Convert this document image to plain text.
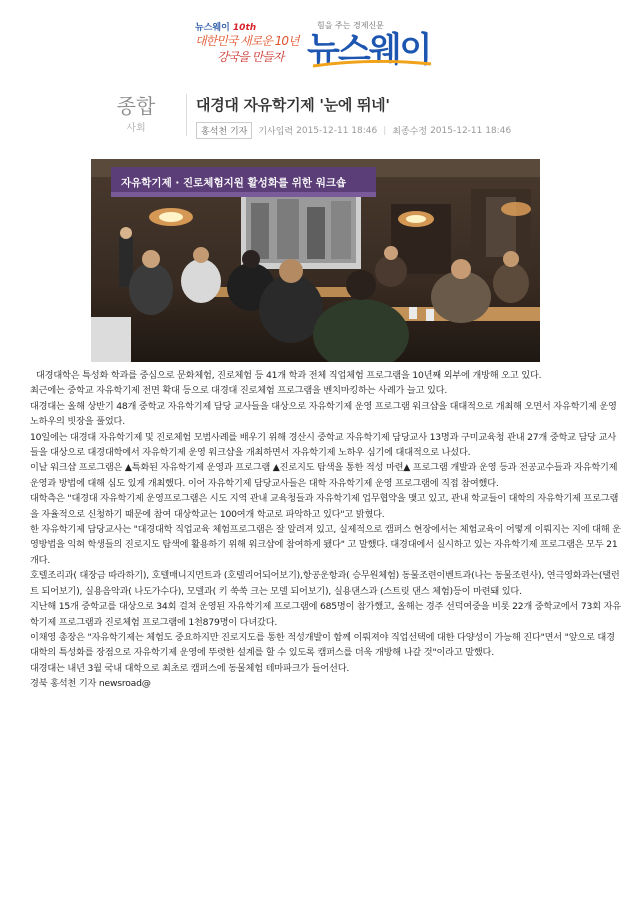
뉴스웨이 10th
대한민국 새로운 10년
강국을 만들자
힘을 주는 경제신문
뉴스웨이
종합
사회
대경대 자유학기제 '눈에 뛰네'
홍석천 기자	기사입력 2015-12-11 18:46 | 최종수정 2015-12-11 18:46
자유학기제 · 진로체험지원 활성화를 위한 워크숍

대경대학은 특성화 학과를 중심으로 문화체험, 진로체험 등 41개 학과 전체 직업체험 프로그램을 10년째 외부에 개방해 오고 있다.

최근에는 중학교 자유학기제 전면 확대 등으로 대경대 진로체험 프로그램을 벤치마킹하는 사례가 늘고 있다.

대경대는 올해 상반기 48개 중학교 자유학기제 담당 교사들을 대상으로 자유학기제 운영 프로그램 워크샵을 대대적으로 개최해 오면서 자유학기제 운영 노하우의 빗장을 풀었다.

10일에는 대경대 자유학기제 및 진로체험 모범사례를 배우기 위해 경산시 중학교 자유학기제 담당교사 13명과 구미교육청 관내 27개 중학교 담당 교사들을 대상으로 대경대학에서 자유학기제 운영 워크샵을 개최하면서 자유학기제 노하우 심기에 대대적으로 나섰다.

이날 워크샵 프로그램은 ▲특화된 자유학기제 운영과 프로그램 ▲진로지도 탐색을 통한 적성 마련▲ 프로그램 개발과 운영 등과 전공교수들과 자유학기제 운영과 방법에 대해 심도 있게 개최했다. 이어 자유학기제 담당교사들은 대학 자유학기제 운영 프로그램에 직접 참여했다.

대학측은 "대경대 자유학기제 운영프로그램은 시도 지역 관내 교육청들과 자유학기제 업무협약을 맺고 있고, 관내 학교들이 대학의 자유학기제 프로그램을 자율적으로 신청하기 때문에 참여 대상학교는 100여개 학교로 파악하고 있다"고 밝혔다.

한 자유학기제 담당교사는 "대경대학 직업교육 체험프로그램은 잘 알려져 있고, 실제적으로 캠퍼스 현장에서는 체험교육이 어떻게 이뤄지는 지에 대해 운영방법을 익혀 학생들의 진로지도 탐색에 활용하기 위해 워크샵에 참여하게 됐다" 고 말했다. 대경대에서 실시하고 있는 자유학기제 프로그램은 모두 21개다.

호텔조리과( 대장금 따라하기), 호텔매니지먼트과 (호텔리어되어보기),항공운항과( 승무원체험) 동물조련이벤트과(나는 동물조련사), 연극영화과는(탤런트 되어보기), 실용음악과( 나도가수다), 모델과( 키 쑥쑥 크는 모델 되어보기), 실용댄스과 (스트릿 댄스 체험)등이 마련돼 있다.

지난해 15개 중학교를 대상으로 34회 걸쳐 운영된 자유학기제 프로그램에 685명이 참가했고, 올해는 경주 선덕여중을 비롯 22개 중학교에서 73회 자유학기제 프로그램과 진로체험 프로그램에 1천879명이 다녀갔다.

이채영 총장은 "자유학기제는 체험도 중요하지만 진로지도를 통한 적성개발이 함께 이뤄져야 직업선택에 대한 다양성이 가능해 진다"면서 "앞으로 대경대학의 특성화를 장점으로 자유학기제 운영에 뚜렷한 설계를 할 수 있도록 캠퍼스를 더욱 개방해 나갈 것"이라고 말했다.

대경대는 내년 3월 국내 대학으로 최초로 캠퍼스에 동물체험 테마파크가 들어선다.

경북 홍석천 기자 newsroad@
